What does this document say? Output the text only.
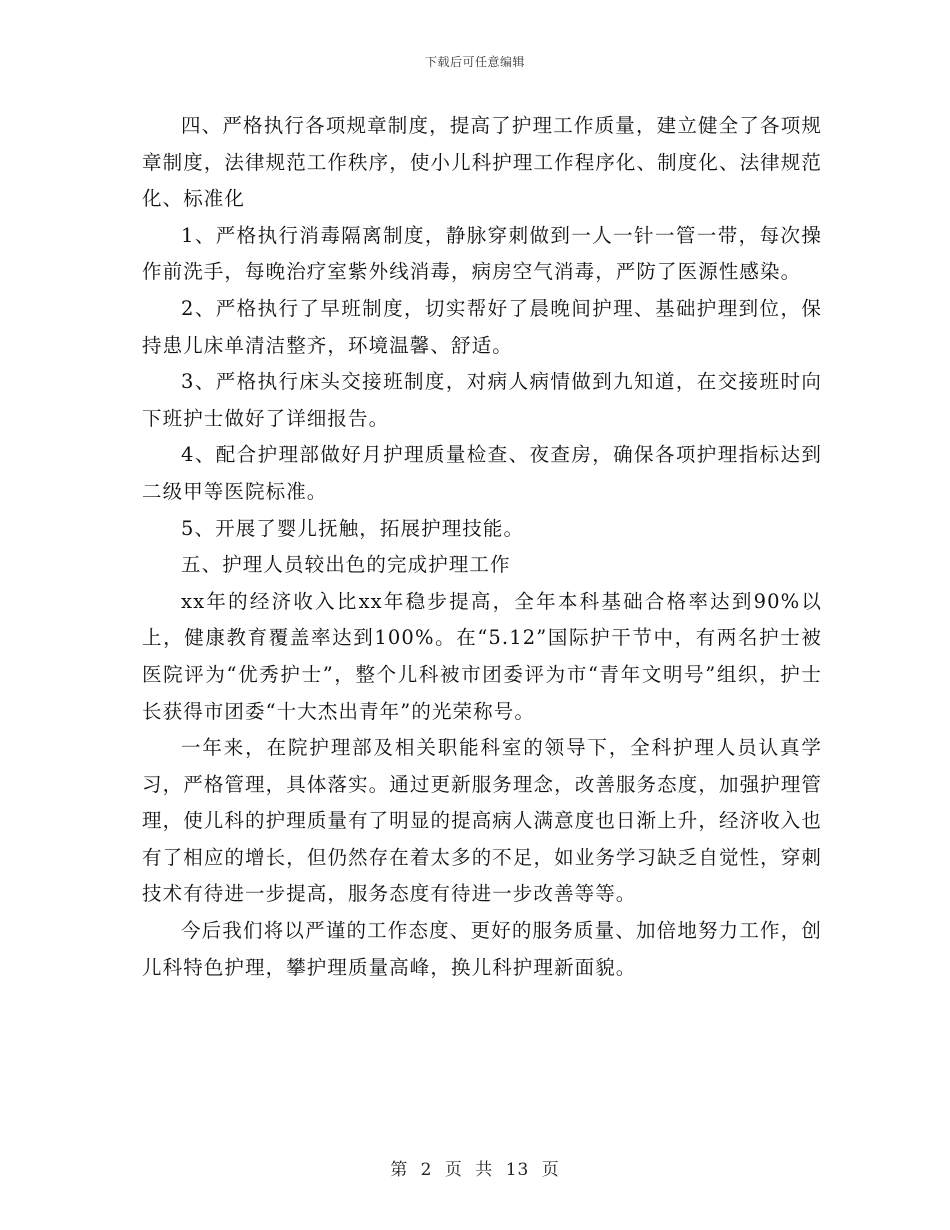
下载后可任意编辑

四、严格执行各项规章制度，提高了护理工作质量，建立健全了各项规章制度，法律规范工作秩序，使小儿科护理工作程序化、制度化、法律规范化、标准化

1、严格执行消毒隔离制度，静脉穿刺做到一人一针一管一带，每次操作前洗手，每晚治疗室紫外线消毒，病房空气消毒，严防了医源性感染。

2、严格执行了早班制度，切实帮好了晨晚间护理、基础护理到位，保持患儿床单清洁整齐，环境温馨、舒适。

3、严格执行床头交接班制度，对病人病情做到九知道，在交接班时向下班护士做好了详细报告。

4、配合护理部做好月护理质量检查、夜查房，确保各项护理指标达到二级甲等医院标准。

5、开展了婴儿抚触，拓展护理技能。

五、护理人员较出色的完成护理工作

xx年的经济收入比xx年稳步提高，全年本科基础合格率达到90%以上，健康教育覆盖率达到100%。在“5.12”国际护干节中，有两名护士被医院评为“优秀护士”，整个儿科被市团委评为市“青年文明号”组织，护士长获得市团委“十大杰出青年”的光荣称号。

一年来，在院护理部及相关职能科室的领导下，全科护理人员认真学习，严格管理，具体落实。通过更新服务理念，改善服务态度，加强护理管理，使儿科的护理质量有了明显的提高病人满意度也日渐上升，经济收入也有了相应的增长，但仍然存在着太多的不足，如业务学习缺乏自觉性，穿刺技术有待进一步提高，服务态度有待进一步改善等等。

今后我们将以严谨的工作态度、更好的服务质量、加倍地努力工作，创儿科特色护理，攀护理质量高峰，换儿科护理新面貌。

第 2 页 共 13 页
